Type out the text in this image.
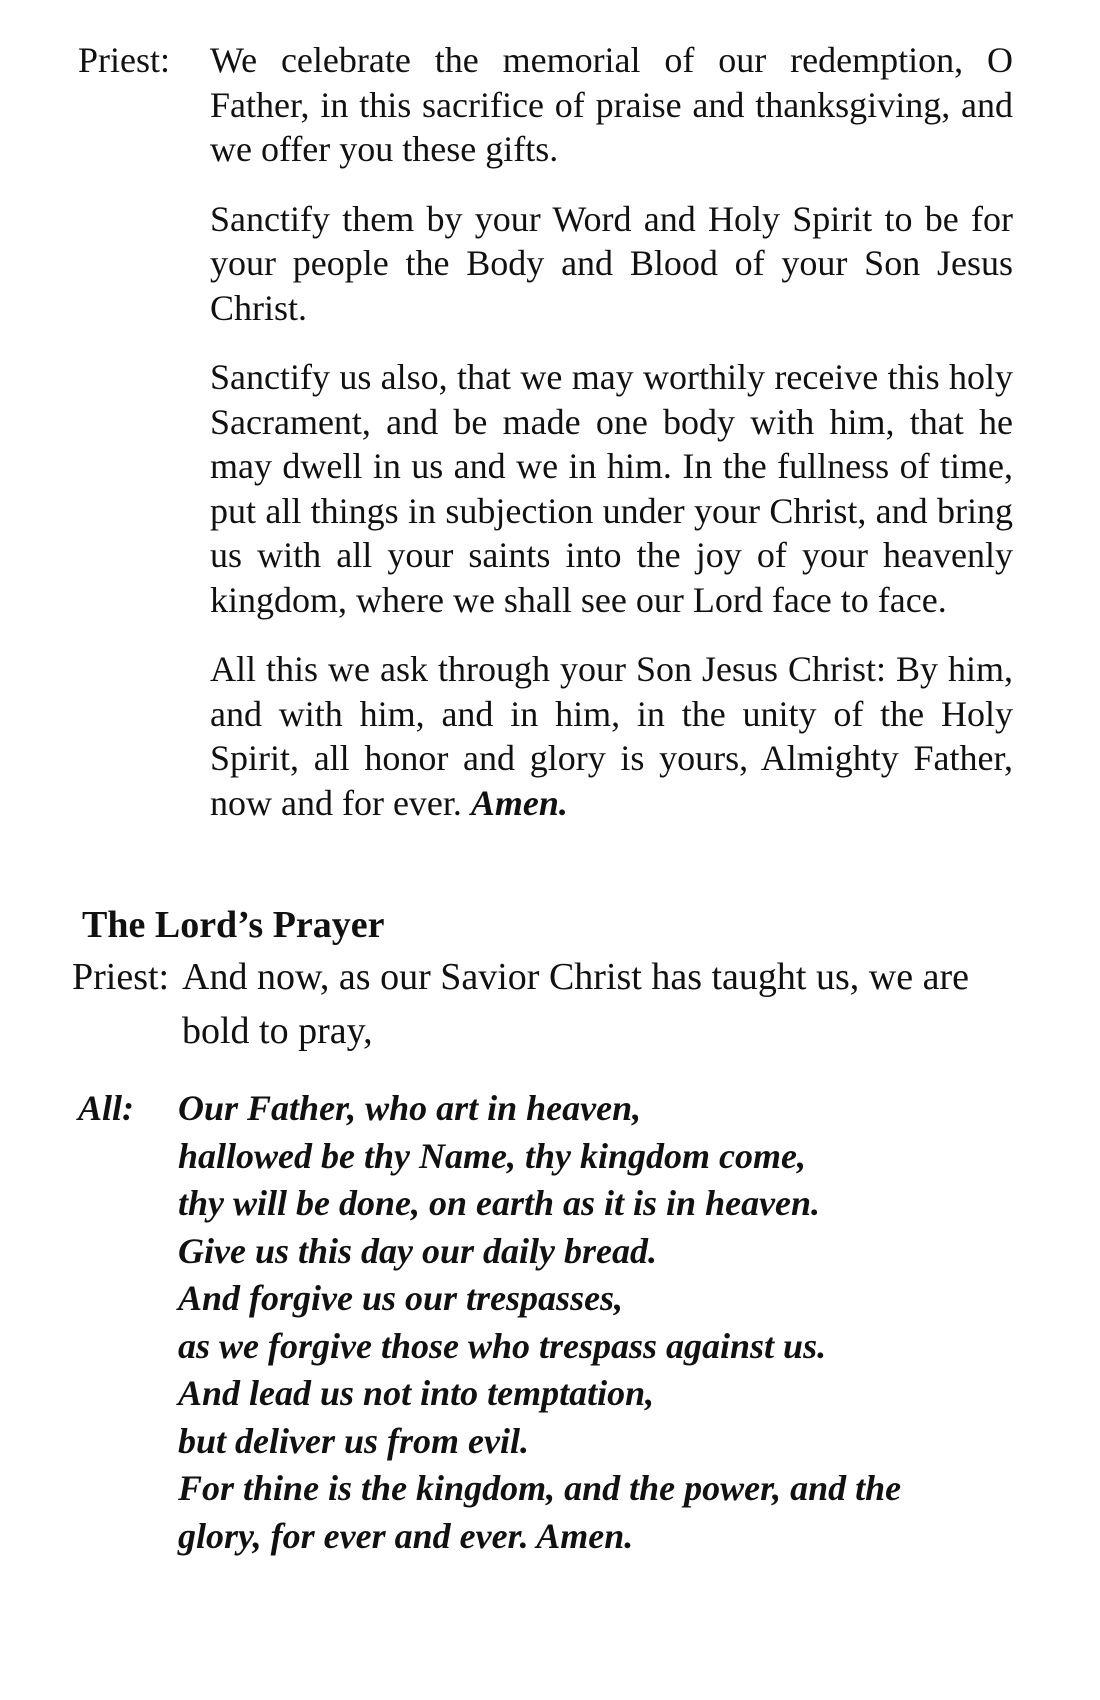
Priest: We celebrate the memorial of our redemption, O Father, in this sacrifice of praise and thanksgiving, and we offer you these gifts.

Sanctify them by your Word and Holy Spirit to be for your people the Body and Blood of your Son Jesus Christ.

Sanctify us also, that we may worthily receive this holy Sacrament, and be made one body with him, that he may dwell in us and we in him. In the fullness of time, put all things in subjection under your Christ, and bring us with all your saints into the joy of your heavenly kingdom, where we shall see our Lord face to face.

All this we ask through your Son Jesus Christ: By him, and with him, and in him, in the unity of the Holy Spirit, all honor and glory is yours, Almighty Father, now and for ever. Amen.

The Lord’s Prayer
Priest: And now, as our Savior Christ has taught us, we are bold to pray,
All: Our Father, who art in heaven,
hallowed be thy Name, thy kingdom come,
thy will be done, on earth as it is in heaven.
Give us this day our daily bread.
And forgive us our trespasses,
as we forgive those who trespass against us.
And lead us not into temptation,
but deliver us from evil.
For thine is the kingdom, and the power, and the
glory, for ever and ever. Amen.
